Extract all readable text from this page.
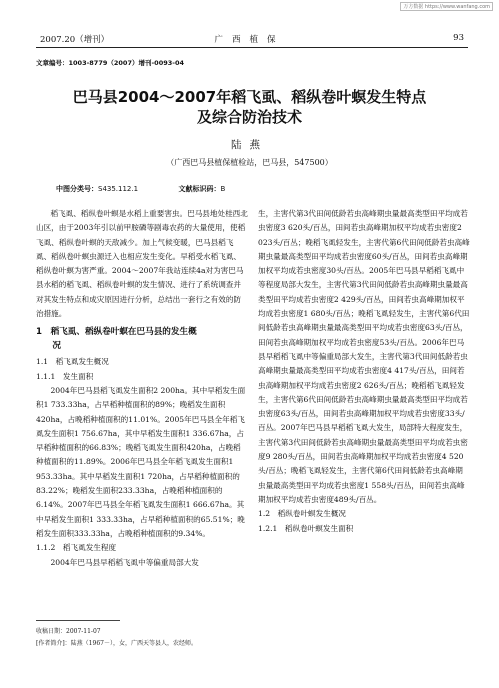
万方数据 https://www.wanfang.com
2007.20（增刊）	广西植保	93
文章编号：1003-8779（2007）增刊-0093-04
巴马县2004～2007年稻飞虱、稻纵卷叶螟发生特点
及综合防治技术
陆燕
（广西巴马县植保植检站，巴马县，547500）
中图分类号：S435.112.1	文献标识码：B

稻飞虱、稻纵卷叶螟是水稻上重要害虫。巴马县地处桂西北山区，由于2003年引以前甲胺磷等剧毒农药的大量使用，使稻飞虱、稻纵卷叶螟的天敌减少。加上气候变暖，巴马县稻飞虱、稻纵卷叶螟虫源迁入也相应发生变化。早稻受水稻飞虱、稻纵卷叶螟为害严重。2004～2007年我站连续4a对为害巴马县水稻的稻飞虱、稻纵卷叶螟的发生情况、进行了系统调查并对其发生特点和成灾原因进行分析，总结出一套行之有效的防治措施。

1　稻飞虱、稻纵卷叶螟在巴马县的发生概

况

1.1　稻飞虱发生概况

1.1.1　发生面积

2004年巴马县稻飞虱发生面积2 200ha。其中早稻发生面积1 733.33ha，占早稻种植面积的89%；晚稻发生面积420ha，占晚稻种植面积的11.01%。2005年巴马县全年稻飞虱发生面积1 756.67ha，其中早稻发生面积1 336.67ha，占早稻种植面积的66.83%；晚稻飞虱发生面积420ha，占晚稻种植面积的11.89%。2006年巴马县全年稻飞虱发生面积1 953.33ha。其中早稻发生面积1 720ha，占早稻种植面积的83.22%；晚稻发生面积233.33ha，占晚稻种植面积的6.14%。2007年巴马县全年稻飞虱发生面积1 666.67ha。其中早稻发生面积1 333.33ha，占早稻种植面积的65.51%；晚稻发生面积333.33ha，占晚稻种植面积的9.34%。

1.1.2　稻飞虱发生程度

2004年巴马县早稻稻飞虱中等偏重局部大发

生，主害代第3代田间低龄若虫高峰期虫量最高类型田平均成若虫密度3 620头/百丛，田间若虫高峰期加权平均成若虫密度2 023头/百丛；晚稻飞虱轻发生，主害代第6代田间低龄若虫高峰期虫量最高类型田平均成若虫密度60头/百丛，田间若虫高峰期加权平均成若虫密度30头/百丛。2005年巴马县早稻稻飞虱中等程度局部大发生，主害代第3代田间低龄若虫高峰期虫量最高类型田平均成若虫密度2 429头/百丛，田间若虫高峰期加权平均成若虫密度1 680头/百丛；晚稻飞虱轻发生，主害代第6代田间低龄若虫高峰期虫量最高类型田平均成若虫密度63头/百丛，田间若虫高峰期加权平均成若虫密度53头/百丛。2006年巴马县早稻稻飞虱中等偏重局部大发生，主害代第3代田间低龄若虫高峰期虫量最高类型田平均成若虫密度4 417头/百丛，田间若虫高峰期加权平均成若虫密度2 626头/百丛；晚稻稻飞虱轻发生，主害代第6代田间低龄若虫高峰期虫量最高类型田平均成若虫密度63头/百丛，田间若虫高峰期加权平均成若虫密度33头/百丛。2007年巴马县早稻稻飞虱大发生，局部特大程度发生，主害代第3代田间低龄若虫高峰期虫量最高类型田平均成若虫密度9 280头/百丛，田间若虫高峰期加权平均成若虫密度4 520头/百丛；晚稻飞虱轻发生，主害代第6代田间低龄若虫高峰期虫量最高类型田平均成若虫密度1 558头/百丛，田间若虫高峰期加权平均成若虫密度489头/百丛。

1.2　稻纵卷叶螟发生概况

1.2.1　稻纵卷叶螟发生面积

收稿日期：2007-11-07
[作者简介]：陆燕（1967－），女，广西天等县人，农经师。
